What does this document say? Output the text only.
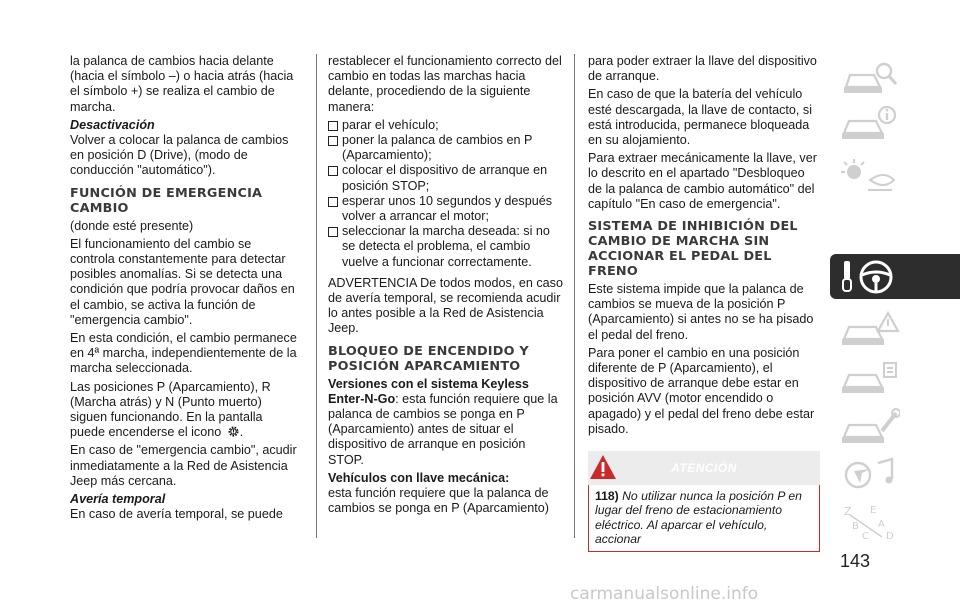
la palanca de cambios hacia delante (hacia el símbolo –) o hacia atrás (hacia el símbolo +) se realiza el cambio de marcha.

Desactivación

Volver a colocar la palanca de cambios en posición D (Drive), (modo de conducción "automático").

FUNCIÓN DE EMERGENCIA CAMBIO

(donde esté presente)

El funcionamiento del cambio se controla constantemente para detectar posibles anomalías. Si se detecta una condición que podría provocar daños en el cambio, se activa la función de "emergencia cambio".

En esta condición, el cambio permanece en 4ª marcha, independientemente de la marcha seleccionada.

Las posiciones P (Aparcamiento), R (Marcha atrás) y N (Punto muerto) siguen funcionando. En la pantalla puede encenderse el icono .

En caso de "emergencia cambio", acudir inmediatamente a la Red de Asistencia Jeep más cercana.

Avería temporal

En caso de avería temporal, se puede

restablecer el funcionamiento correcto del cambio en todas las marchas hacia delante, procediendo de la siguiente manera:

parar el vehículo;
poner la palanca de cambios en P (Aparcamiento);
colocar el dispositivo de arranque en posición STOP;
esperar unos 10 segundos y después volver a arrancar el motor;
seleccionar la marcha deseada: si no se detecta el problema, el cambio vuelve a funcionar correctamente.

ADVERTENCIA De todos modos, en caso de avería temporal, se recomienda acudir lo antes posible a la Red de Asistencia Jeep.

BLOQUEO DE ENCENDIDO Y POSICIÓN APARCAMIENTO

Versiones con el sistema Keyless Enter-N-Go: esta función requiere que la palanca de cambios se ponga en P (Aparcamiento) antes de situar el dispositivo de arranque en posición STOP.

Vehículos con llave mecánica:

esta función requiere que la palanca de cambios se ponga en P (Aparcamiento)

para poder extraer la llave del dispositivo de arranque.

En caso de que la batería del vehículo esté descargada, la llave de contacto, si está introducida, permanece bloqueada en su alojamiento.

Para extraer mecánicamente la llave, ver lo descrito en el apartado "Desbloqueo de la palanca de cambio automático" del capítulo "En caso de emergencia".

SISTEMA DE INHIBICIÓN DEL CAMBIO DE MARCHA SIN ACCIONAR EL PEDAL DEL FRENO

Este sistema impide que la palanca de cambios se mueva de la posición P (Aparcamiento) si antes no se ha pisado el pedal del freno.

Para poner el cambio en una posición diferente de P (Aparcamiento), el dispositivo de arranque debe estar en posición AVV (motor encendido o apagado) y el pedal del freno debe estar pisado.

ATENCIÓN
118) No utilizar nunca la posición P en lugar del freno de estacionamiento eléctrico. Al aparcar el vehículo, accionar
Z E
B A
C D
143
carmanualsonline.info
